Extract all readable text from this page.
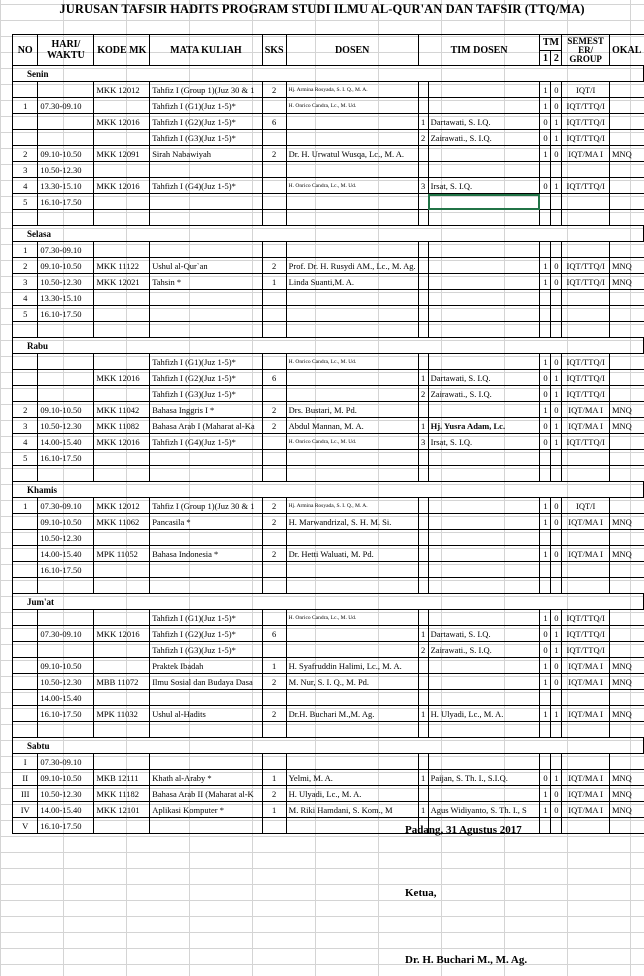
JURUSAN TAFSIR HADITS PROGRAM STUDI ILMU AL-QUR'AN DAN TAFSIR (TTQ/MA)
NO	HARI/ WAKTU	KODE MK	MATA KULIAH	SKS	DOSEN	TIM DOSEN		TM		SEMEST ER/ GROUP	OKAL
								1	2		
Senin											
		MKK 12012	Tahfiz I (Group 1)(Juz 30 & 1	2	Hj. Armina Rosyada, S. I. Q., M. A.			1	0	IQT/I	
1	07.30-09.10		Tahfizh I (G1)(Juz 1-5)*		H. Onrico Candra, Lc., M. Ud.			1	0	IQT/TTQ/I	
		MKK 12016	Tahfizh I (G2)(Juz 1-5)*	6		1	Dartawati, S. I.Q.	0	1	IQT/TTQ/I	
			Tahfizh I (G3)(Juz 1-5)*			2	Zairawati., S. I.Q.	0	1	IQT/TTQ/I	
2	09.10-10.50	MKK 12091	Sirah Nabawiyah	2	Dr. H. Urwatul Wusqa, Lc., M. A.			1	0	IQT/MA I	MNQ
3	10.50-12.30										
4	13.30-15.10	MKK 12016	Tahfizh I (G4)(Juz 1-5)*		H. Onrico Candra, Lc., M. Ud.	3	Irsat, S. I.Q.	0	1	IQT/TTQ/I	
5	16.10-17.50										

Selasa											
1	07.30-09.10										
2	09.10-10.50	MKK 11122	Ushul al-Qur`an	2	Prof. Dr. H. Rusydi AM., Lc., M. Ag.			1	0	IQT/TTQ/I	MNQ
3	10.50-12.30	MKK 12021	Tahsin *	1	Linda Suanti,M. A.			1	0	IQT/TTQ/I	MNQ
4	13.30-15.10										
5	16.10-17.50										

Rabu											
			Tahfizh I (G1)(Juz 1-5)*		H. Onrico Candra, Lc., M. Ud.			1	0	IQT/TTQ/I	
		MKK 12016	Tahfizh I (G2)(Juz 1-5)*	6		1	Dartawati, S. I.Q.	0	1	IQT/TTQ/I	
			Tahfizh I (G3)(Juz 1-5)*			2	Zairawati., S. I.Q.	0	1	IQT/TTQ/I	
2	09.10-10.50	MKK 11042	Bahasa Inggris I *	2	Drs. Bustari, M. Pd.			1	0	IQT/MA I	MNQ
3	10.50-12.30	MKK 11082	Bahasa Arab I (Maharat al-Ka	2	Abdul Mannan, M. A.	1	Hj. Yusra Adam, Lc.	0	1	IQT/MA I	MNQ
4	14.00-15.40	MKK 12016	Tahfizh I (G4)(Juz 1-5)*		H. Onrico Candra, Lc., M. Ud.	3	Irsat, S. I.Q.	0	1	IQT/TTQ/I	
5	16.10-17.50										

Khamis											
1	07.30-09.10	MKK 12012	Tahfiz I (Group 1)(Juz 30 & 1	2	Hj. Armina Rosyada, S. I. Q., M. A.			1	0	IQT/I	
	09.10-10.50	MKK 11062	Pancasila *	2	H. Marwandrizal, S. H. M. Si.			1	0	IQT/MA I	MNQ
	10.50-12.30										
	14.00-15.40	MPK 11052	Bahasa Indonesia *	2	Dr. Hetti Waluati, M. Pd.			1	0	IQT/MA I	MNQ
	16.10-17.50										

Jum'at											
			Tahfizh I (G1)(Juz 1-5)*		H. Onrico Candra, Lc., M. Ud.			1	0	IQT/TTQ/I	
	07.30-09.10	MKK 12016	Tahfizh I (G2)(Juz 1-5)*	6		1	Dartawati, S. I.Q.	0	1	IQT/TTQ/I	
			Tahfizh I (G3)(Juz 1-5)*			2	Zairawati., S. I.Q.	0	1	IQT/TTQ/I	
	09.10-10.50		Praktek Ibadah	1	H. Syafruddin Halimi, Lc., M. A.			1	0	IQT/MA I	MNQ
	10.50-12.30	MBB 11072	Ilmu Sosial dan Budaya Dasa	2	M. Nur, S. I. Q., M. Pd.			1	0	IQT/MA I	MNQ
	14.00-15.40										
	16.10-17.50	MPK 11032	Ushul al-Hadits	2	Dr.H. Buchari M.,M. Ag.	1	H. Ulyadi, Lc., M. A.	1	1	IQT/MA I	MNQ

Sabtu											
I	07.30-09.10										
II	09.10-10.50	MKB 12111	Khath al-Araby *	1	Yelmi, M. A.	1	Paijan, S. Th. I., S.I.Q.	0	1	IQT/MA I	MNQ
III	10.50-12.30	MKK 11182	Bahasa Arab II (Maharat al-K	2	H. Ulyadi, Lc., M. A.			1	0	IQT/MA I	MNQ
IV	14.00-15.40	MKK 12101	Aplikasi Komputer *	1	M. Riki Hamdani, S. Kom., M	1	Agus Widiyanto, S. Th. I., S	1	0	IQT/MA I	MNQ
V	16.10-17.50											Padang, 31 Agustus 2017
Ketua,
Dr. H. Buchari M., M. Ag.
